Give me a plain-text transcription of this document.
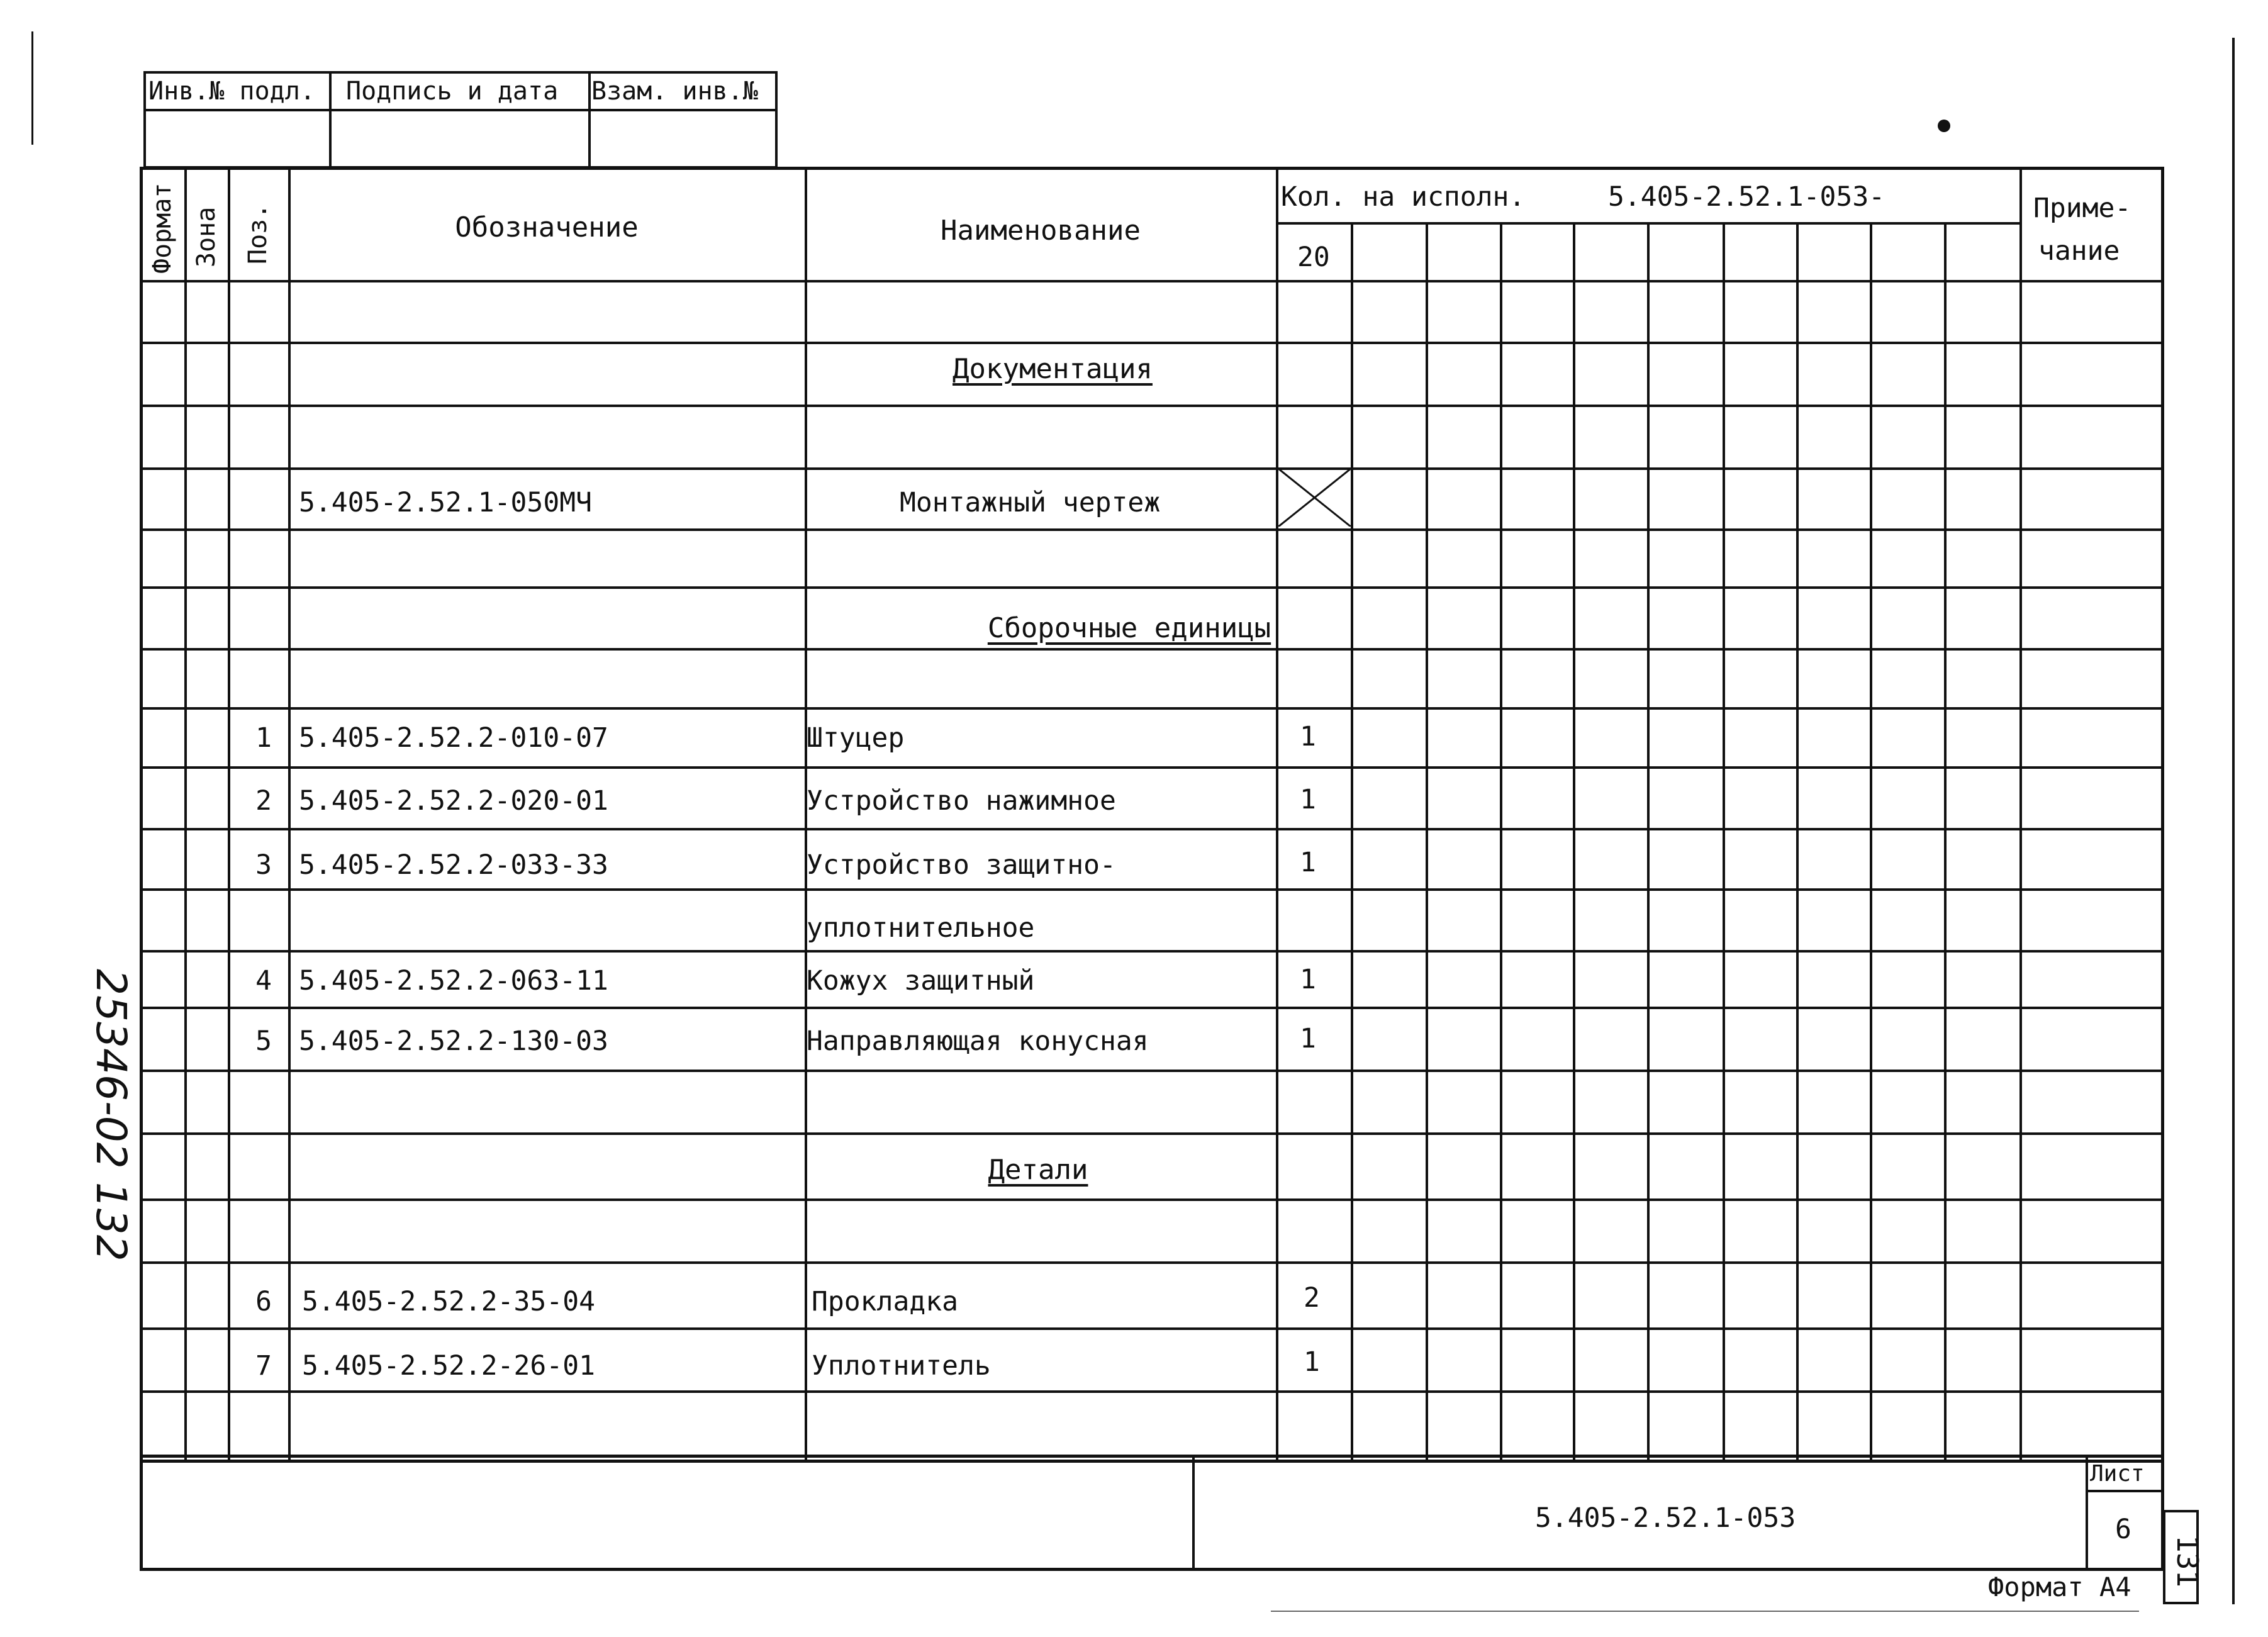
Инв.№ подл. Подпись и дата Взам. инв.№
Формат Зона Поз.	Обозначение	Наименование
Кол. на исполн.	5.405-2.52.1-053-
20
Приме-
чание
Документация
5.405-2.52.1-050МЧ	Монтажный чертеж
Сборочные единицы
1 5.405-2.52.2-010-07	Штуцер	1
2 5.405-2.52.2-020-01	Устройство нажимное	1
3 5.405-2.52.2-033-33	Устройство защитно-	1
уплотнительное
4 5.405-2.52.2-063-11	Кожух защитный	1
5 5.405-2.52.2-130-03	Направляющая конусная	1
Детали
6 5.405-2.52.2-35-04	Прокладка	2
7 5.405-2.52.2-26-01	Уплотнитель	1
5.405-2.52.1-053
Лист
6
Формат А4 131
25346-02 132
